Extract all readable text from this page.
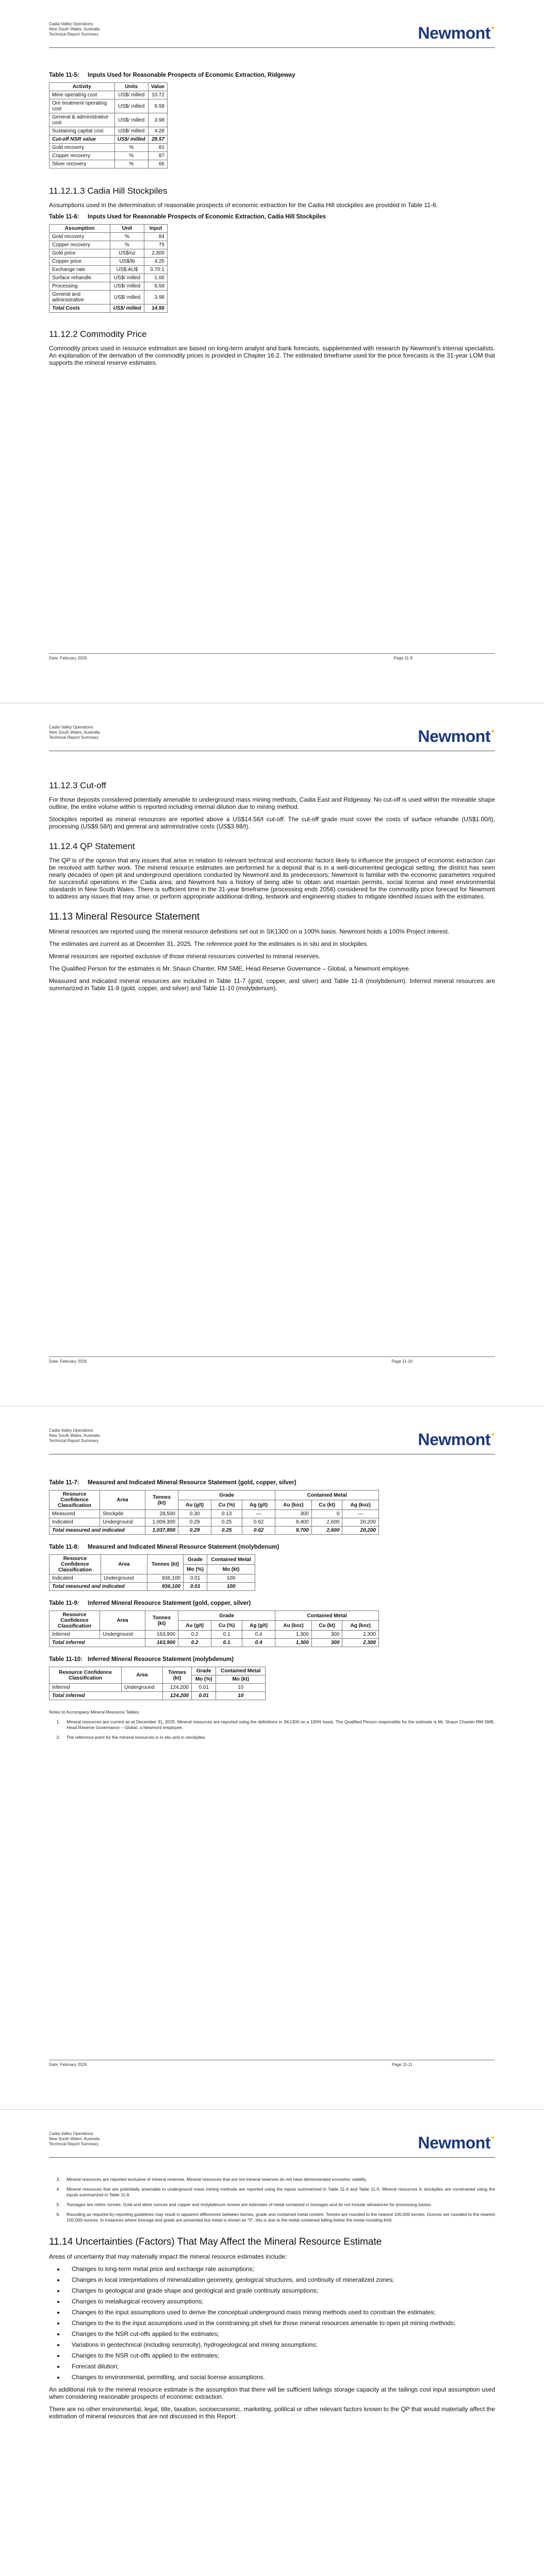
Cadia Valley Operations
New South Wales, Australia
Technical Report Summary	Newmont
Table 11-5: Inputs Used for Reasonable Prospects of Economic Extraction, Ridgeway
Activity	Units	Value
Mine operating cost	US$/ milled	10.72
Ore treatment operating cost	US$/ milled	9.58
General & administrative cost	US$/ milled	3.98
Sustaining capital cost	US$/ milled	4.28
Cut-off NSR value	US$/ milled	28.57
Gold recovery	%	81
Copper recovery	%	87
Silver recovery	%	66
11.12.1.3 Cadia Hill Stockpiles

Assumptions used in the determination of reasonable prospects of economic extraction for the Cadia Hill stockpiles are provided in Table 11-6.

Table 11-6:	Inputs Used for Reasonable Prospects of Economic Extraction, Cadia Hill Stockpiles
Assumption	Unit	Input
Gold recovery	%	84
Copper recovery	%	75
Gold price	US$/oz	2,300
Copper price	US$/lb	4.25
Exchange rate	US$:AU$	0.70:1
Surface rehandle	US$/ milled	1.00
Processing	US$/ milled	9.58
General and administrative	US$/ milled	3.98
Total Costs	US$/ milled	14.56
11.12.2 Commodity Price

Commodity prices used in resource estimation are based on long-term analyst and bank forecasts, supplemented with research by Newmont's internal specialists. An explanation of the derivation of the commodity prices is provided in Chapter 16.2. The estimated timeframe used for the price forecasts is the 31-year LOM that supports the mineral reserve estimates.

Date: February 2026	Page 11-9
Cadia Valley Operations
New South Wales, Australia
Technical Report Summary	Newmont
11.12.3 Cut-off

For those deposits considered potentially amenable to underground mass mining methods, Cadia East and Ridgeway. No cut-off is used within the mineable shape outline, the entire volume within is reported including internal dilution due to mining method.

Stockpiles reported as mineral resources are reported above a US$14.56/t cut-off. The cut-off grade must cover the costs of surface rehandle (US$1.00/t), processing (US$9.58/t) and general and administrative costs (US$3.98/t).

11.12.4 QP Statement

The QP is of the opinion that any issues that arise in relation to relevant technical and economic factors likely to influence the prospect of economic extraction can be resolved with further work. The mineral resource estimates are performed for a deposit that is in a well-documented geological setting; the district has seen nearly decades of open pit and underground operations conducted by Newmont and its predecessors; Newmont is familiar with the economic parameters required for successful operations in the Cadia area; and Newmont has a history of being able to obtain and maintain permits, social license and meet environmental standards in New South Wales. There is sufficient time in the 31-year timeframe (processing ends 2056) considered for the commodity price forecast for Newmont to address any issues that may arise, or perform appropriate additional drilling, testwork and engineering studies to mitigate identified issues with the estimates.

11.13 Mineral Resource Statement

Mineral resources are reported using the mineral resource definitions set out in SK1300 on a 100% basis. Newmont holds a 100% Project interest.

The estimates are current as at December 31, 2025. The reference point for the estimates is in situ and in stockpiles.

Mineral resources are reported exclusive of those mineral resources converted to mineral reserves.

The Qualified Person for the estimates is Mr. Shaun Chanter, RM SME, Head Reserve Governance – Global, a Newmont employee.

Measured and indicated mineral resources are included in Table 11-7 (gold, copper, and silver) and Table 11-8 (molybdenum). Inferred mineral resources are summarized in Table 11-9 (gold, copper, and silver) and Table 11-10 (molybdenum).

Date: February 2026	Page 11-10
Cadia Valley Operations
New South Wales, Australia
Technical Report Summary	Newmont
Table 11-7: Measured and Indicated Mineral Resource Statement (gold, copper, silver)
Resource Confidence Classification	Area	Tonnes (kt)	Grade			Contained Metal		
			Au (g/t)	Cu (%)	Ag (g/t)	Au (koz)	Cu (kt)	Ag (koz)
Measured	Stockpile	28,500	0.30	0.13	—	300	0	—
Indicated	Underground	1,009,300	0.29	0.25	0.62	9,400	2,600	20,200
Total measured and indicated		1,037,800	0.29	0.25	0.62	9,700	2,600	20,200
Table 11-8: Measured and Indicated Mineral Resource Statement (molybdenum)
Resource Confidence Classification	Area	Tonnes (kt)	Grade	Contained Metal
			Mo (%)	Mo (kt)
Indicated	Underground	936,100	0.01	100
Total measured and indicated		936,100	0.01	100
Table 11-9: Inferred Mineral Resource Statement (gold, copper, silver)
Resource Confidence Classification	Area	Tonnes (kt)	Grade			Contained Metal		
			Au (g/t)	Cu (%)	Ag (g/t)	Au (koz)	Cu (kt)	Ag (koz)
Inferred	Underground	163,900	0.2	0.1	0.4	1,300	300	2,300
Total inferred		163,900	0.2	0.1	0.4	1,300	300	2,300
Table 11-10: Inferred Mineral Resource Statement (molybdenum)
Resource Confidence Classification	Area	Tonnes (kt)	Grade	Contained Metal
			Mo (%)	Mo (kt)
Inferred	Underground	124,200	0.01	10
Total inferred		124,200	0.01	10
Notes to Accompany Mineral Resource Tables:
1. Mineral resources are current as at December 31, 2025. Mineral resources are reported using the definitions in SK1300 on a 100% basis. The Qualified Person responsible for the estimate is Mr. Shaun Chanter RM SME, Head Reserve Governance – Global, a Newmont employee.
2. The reference point for the mineral resources is in situ and in stockpiles.
Date: February 2026	Page 11-11
Cadia Valley Operations
New South Wales, Australia
Technical Report Summary	Newmont
3. Mineral resources are reported exclusive of mineral reserves. Mineral resources that are not mineral reserves do not have demonstrated economic viability.
4. Mineral resources that are potentially amenable to underground mass mining methods are reported using the inputs summarized in Table 11-4 and Table 11-5. Mineral resources in stockpiles are constrained using the inputs summarized in Table 11-6.
5. Tonnages are metric tonnes. Gold and silver ounces and copper and molybdenum tonnes are estimates of metal contained in tonnages and do not include allowances for processing losses.
6. Rounding as required by reporting guidelines may result in apparent differences between tonnes, grade and contained metal content. Tonnes are rounded to the nearest 100,000 tonnes. Ounces are rounded to the nearest 100,000 ounces. In instances where tonnage and grade are presented but metal is shown as "0", this is due to the metal contained falling below the metal rounding limit.
11.14 Uncertainties (Factors) That May Affect the Mineral Resource Estimate

Areas of uncertainty that may materially impact the mineral resource estimates include:

• Changes to long-term metal price and exchange rate assumptions;
• Changes in local interpretations of mineralization geometry, geological structures, and continuity of mineralized zones;
• Changes to geological and grade shape and geological and grade continuity assumptions;
• Changes to metallurgical recovery assumptions;
• Changes to the input assumptions used to derive the conceptual underground mass mining methods used to constrain the estimates;
• Changes to the to the input assumptions used in the constraining pit shell for those mineral resources amenable to open pit mining methods;
• Changes to the NSR cut-offs applied to the estimates;
• Variations in geotechnical (including seismicity), hydrogeological and mining assumptions;
• Changes to the NSR cut-offs applied to the estimates;
• Forecast dilution;
• Changes to environmental, permitting, and social license assumptions.

An additional risk to the mineral resource estimate is the assumption that there will be sufficient tailings storage capacity at the tailings cost input assumption used when considering reasonable prospects of economic extraction.

There are no other environmental, legal, title, taxation, socioeconomic, marketing, political or other relevant factors known to the QP that would materially affect the estimation of mineral resources that are not discussed in this Report.
